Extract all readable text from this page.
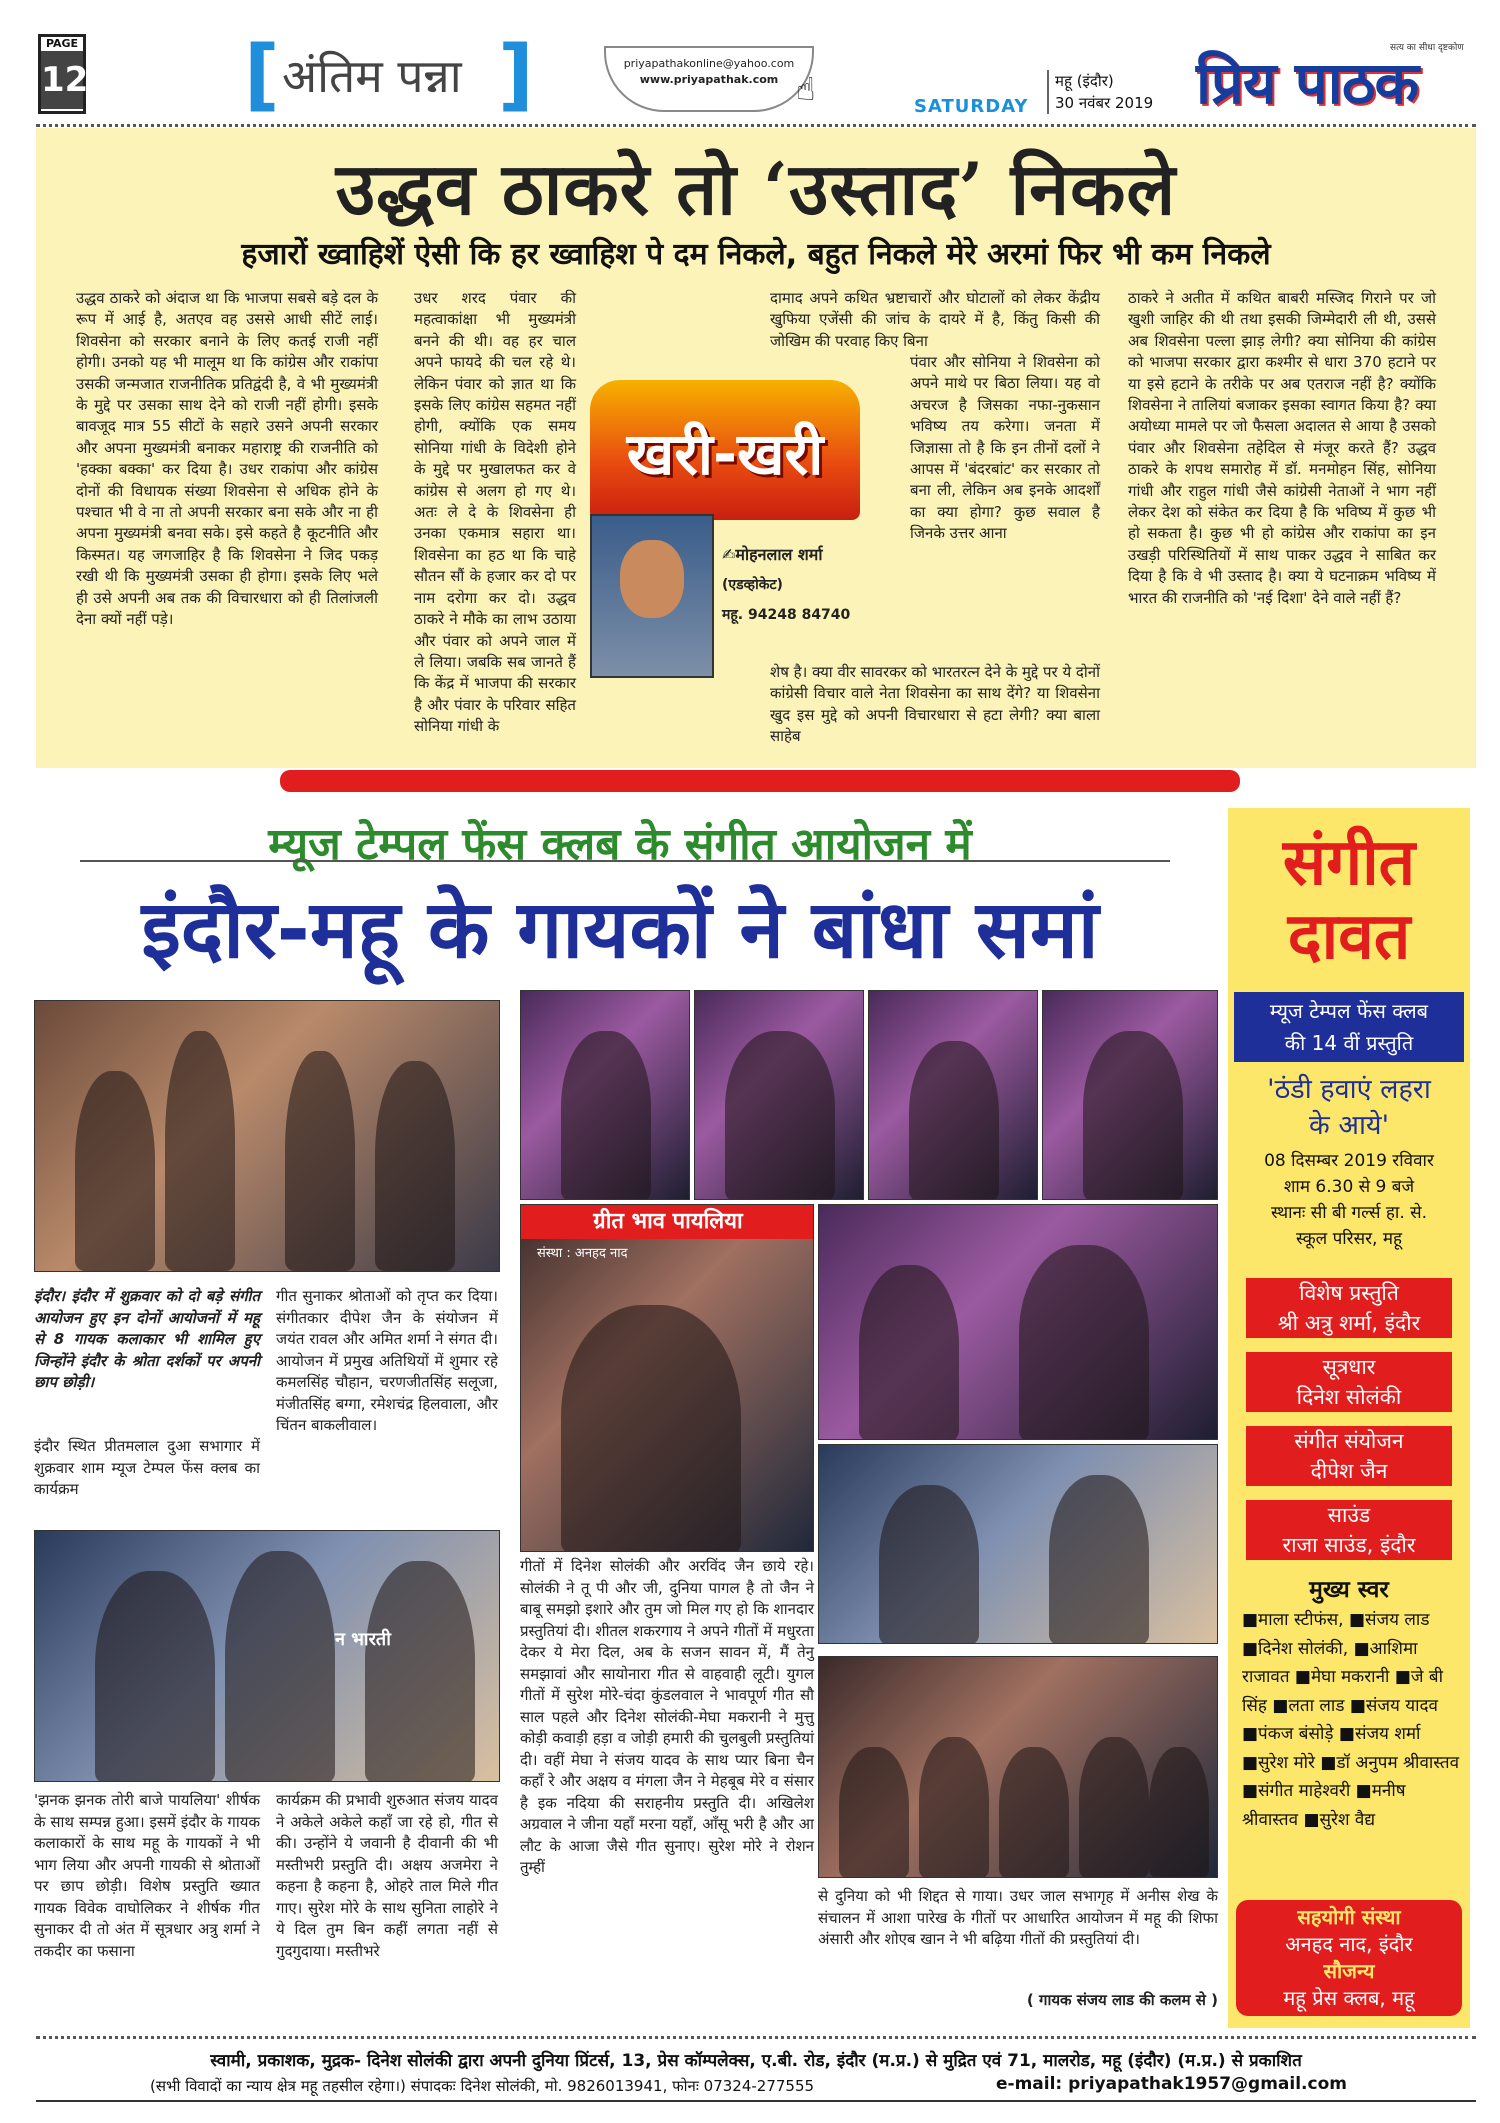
PAGE
12 [ अंतिम पन्ना ]	priyapathakonline@yahoo.com
www.priyapathak.com ☝	SATURDAY
महू (इंदौर)
30 नवंबर 2019
सत्य का सीधा दृष्टकोण
प्रिय पाठक
उद्धव ठाकरे तो ‘उस्ताद’ निकले
हजारों ख्वाहिशें ऐसी कि हर ख्वाहिश पे दम निकले, बहुत निकले मेरे अरमां फिर भी कम निकले
उद्धव ठाकरे को अंदाज था कि भाजपा सबसे बड़े दल के रूप में आई है, अतएव वह उससे आधी सीटें लाई। शिवसेना को सरकार बनाने के लिए कतई राजी नहीं होगी। उनको यह भी मालूम था कि कांग्रेस और राकांपा उसकी जन्मजात राजनीतिक प्रतिद्वंदी है, वे भी मुख्यमंत्री के मुद्दे पर उसका साथ देने को राजी नहीं होगी। इसके बावजूद मात्र 55 सीटों के सहारे उसने अपनी सरकार और अपना मुख्यमंत्री बनाकर महाराष्ट्र की राजनीति को 'हक्का बक्का' कर दिया है। उधर राकांपा और कांग्रेस दोनों की विधायक संख्या शिवसेना से अधिक होने के पश्चात भी वे ना तो अपनी सरकार बना सके और ना ही अपना मुख्यमंत्री बनवा सके। इसे कहते है कूटनीति और किस्मत। यह जगजाहिर है कि शिवसेना ने जिद पकड़ रखी थी कि मुख्यमंत्री उसका ही होगा। इसके लिए भले ही उसे अपनी अब तक की विचारधारा को ही तिलांजली देना क्यों नहीं पड़े।
उधर शरद पंवार की महत्वाकांक्षा भी मुख्यमंत्री बनने की थी। वह हर चाल अपने फायदे की चल रहे थे। लेकिन पंवार को ज्ञात था कि इसके लिए कांग्रेस सहमत नहीं होगी, क्योंकि एक समय सोनिया गांधी के विदेशी होने के मुद्दे पर मुखालफत कर वे कांग्रेस से अलग हो गए थे। अतः ले दे के शिवसेना ही उनका एकमात्र सहारा था। शिवसेना का हठ था कि चाहे सौतन सौं के हजार कर दो पर नाम दरोगा कर दो। उद्धव ठाकरे ने मौके का लाभ उठाया और पंवार को अपने जाल में ले लिया। जबकि सब जानते हैं कि केंद्र में भाजपा की सरकार है और पंवार के परिवार सहित सोनिया गांधी के
दामाद अपने कथित भ्रष्टाचारों और घोटालों को लेकर केंद्रीय खुफिया एजेंसी की जांच के दायरे में है, किंतु किसी की जोखिम की परवाह किए बिना
पंवार और सोनिया ने शिवसेना को अपने माथे पर बिठा लिया। यह वो अचरज है जिसका नफा-नुकसान भविष्य तय करेगा। जनता में जिज्ञासा तो है कि इन तीनों दलों ने आपस में 'बंदरबांट' कर सरकार तो बना ली, लेकिन अब इनके आदर्शों का क्या होगा? कुछ सवाल है जिनके उत्तर आना
शेष है। क्या वीर सावरकर को भारतरत्न देने के मुद्दे पर ये दोनों कांग्रेसी विचार वाले नेता शिवसेना का साथ देंगे? या शिवसेना खुद इस मुद्दे को अपनी विचारधारा से हटा लेगी? क्या बाला साहेब
ठाकरे ने अतीत में कथित बाबरी मस्जिद गिराने पर जो खुशी जाहिर की थी तथा इसकी जिम्मेदारी ली थी, उससे अब शिवसेना पल्ला झाड़ लेगी? क्या सोनिया की कांग्रेस को भाजपा सरकार द्वारा कश्मीर से धारा 370 हटाने पर या इसे हटाने के तरीके पर अब एतराज नहीं है? क्योंकि शिवसेना ने तालियां बजाकर इसका स्वागत किया है? क्या अयोध्या मामले पर जो फैसला अदालत से आया है उसको पंवार और शिवसेना तहेदिल से मंजूर करते हैं? उद्धव ठाकरे के शपथ समारोह में डॉ. मनमोहन सिंह, सोनिया गांधी और राहुल गांधी जैसे कांग्रेसी नेताओं ने भाग नहीं लेकर देश को संकेत कर दिया है कि भविष्य में कुछ भी हो सकता है। कुछ भी हो कांग्रेस और राकांपा का इन उखड़ी परिस्थितियों में साथ पाकर उद्धव ने साबित कर दिया है कि वे भी उस्ताद है। क्या ये घटनाक्रम भविष्य में भारत की राजनीति को 'नई दिशा' देने वाले नहीं हैं?
खरी-खरी
✍मोहनलाल शर्मा
(एडव्होकेट)
महू. 94248 84740
म्यूज टेम्पल फेंस क्लब के संगीत आयोजन में
इंदौर-महू के गायकों ने बांधा समां
इंदौर। इंदौर में शुक्रवार को दो बड़े संगीत आयोजन हुए इन दोनों आयोजनों में महू से 8 गायक कलाकार भी शामिल हुए जिन्होंने इंदौर के श्रोता दर्शकों पर अपनी छाप छोड़ी।
इंदौर स्थित प्रीतमलाल दुआ सभागार में शुक्रवार शाम म्यूज टेम्पल फेंस क्लब का कार्यक्रम
गीत सुनाकर श्रोताओं को तृप्त कर दिया। संगीतकार दीपेश जैन के संयोजन में जयंत रावल और अमित शर्मा ने संगत दी। आयोजन में प्रमुख अतिथियों में शुमार रहे कमलसिंह चौहान, चरणजीतसिंह सलूजा, मंजीतसिंह बग्गा, रमेशचंद्र हिलवाला, और चिंतन बाकलीवाल।
न भारती
'झनक झनक तोरी बाजे पायलिया' शीर्षक के साथ सम्पन्न हुआ। इसमें इंदौर के गायक कलाकारों के साथ महू के गायकों ने भी भाग लिया और अपनी गायकी से श्रोताओं पर छाप छोड़ी। विशेष प्रस्तुति ख्यात गायक विवेक वाघोलिकर ने शीर्षक गीत सुनाकर दी तो अंत में सूत्रधार अत्रु शर्मा ने तकदीर का फसाना
कार्यक्रम की प्रभावी शुरुआत संजय यादव ने अकेले अकेले कहाँ जा रहे हो, गीत से की। उन्होंने ये जवानी है दीवानी की भी मस्तीभरी प्रस्तुति दी। अक्षय अजमेरा ने कहना है कहना है, ओहरे ताल मिले गीत गाए। सुरेश मोरे के साथ सुनिता लाहोरे ने ये दिल तुम बिन कहीं लगता नहीं से गुदगुदाया। मस्तीभरे
ग्रीत भाव पायलिया
संस्था : अनहद नाद
गीतों में दिनेश सोलंकी और अरविंद जैन छाये रहे। सोलंकी ने तू पी और जी, दुनिया पागल है तो जैन ने बाबू समझो इशारे और तुम जो मिल गए हो कि शानदार प्रस्तुतियां दी। शीतल शकरगाय ने अपने गीतों में मधुरता देकर ये मेरा दिल, अब के सजन सावन में, मैं तेनु समझावां और सायोनारा गीत से वाहवाही लूटी। युगल गीतों में सुरेश मोरे-चंदा कुंडलवाल ने भावपूर्ण गीत सौ साल पहले और दिनेश सोलंकी-मेघा मकरानी ने मुत्तु कोड़ी कवाड़ी हड़ा व जोड़ी हमारी की चुलबुली प्रस्तुतियां दी। वहीं मेघा ने संजय यादव के साथ प्यार बिना चैन कहाँ रे और अक्षय व मंगला जैन ने मेहबूब मेरे व संसार है इक नदिया की सराहनीय प्रस्तुति दी। अखिलेश अग्रवाल ने जीना यहाँ मरना यहाँ, आँसू भरी है और आ लौट के आजा जैसे गीत सुनाए। सुरेश मोरे ने रोशन तुम्हीं
से दुनिया को भी शिद्दत से गाया। उधर जाल सभागृह में अनीस शेख के संचालन में आशा पारेख के गीतों पर आधारित आयोजन में महू की शिफा अंसारी और शोएब खान ने भी बढ़िया गीतों की प्रस्तुतियां दी।
( गायक संजय लाड की कलम से )
संगीत
दावत
म्यूज टेम्पल फेंस क्लब
की 14 वीं प्रस्तुति
'ठंडी हवाएं लहरा
के आये'
08 दिसम्बर 2019 रविवार
शाम 6.30 से 9 बजे
स्थानः सी बी गर्ल्स हा. से.
स्कूल परिसर, महू
विशेष प्रस्तुति
श्री अत्रु शर्मा, इंदौर
सूत्रधार
दिनेश सोलंकी
संगीत संयोजन
दीपेश जैन
साउंड
राजा साउंड, इंदौर
मुख्य स्वर
■माला स्टीफंस, ■संजय लाड ■दिनेश सोलंकी, ■आशिमा राजावत ■मेघा मकरानी ■जे बी सिंह ■लता लाड ■संजय यादव ■पंकज बंसोड़े ■संजय शर्मा ■सुरेश मोरे ■डॉ अनुपम श्रीवास्तव ■संगीत माहेश्वरी ■मनीष श्रीवास्तव ■सुरेश वैद्य
सहयोगी संस्था
अनहद नाद, इंदौर
सौजन्य
महू प्रेस क्लब, महू
स्वामी, प्रकाशक, मुद्रक- दिनेश सोलंकी द्वारा अपनी दुनिया प्रिंटर्स, 13, प्रेस कॉम्पलेक्स, ए.बी. रोड, इंदौर (म.प्र.) से मुद्रित एवं 71, मालरोड, महू (इंदौर) (म.प्र.) से प्रकाशित
(सभी विवादों का न्याय क्षेत्र महू तहसील रहेगा।) संपादकः दिनेश सोलंकी, मो. 9826013941, फोनः 07324-277555	e-mail: priyapathak1957@gmail.com
